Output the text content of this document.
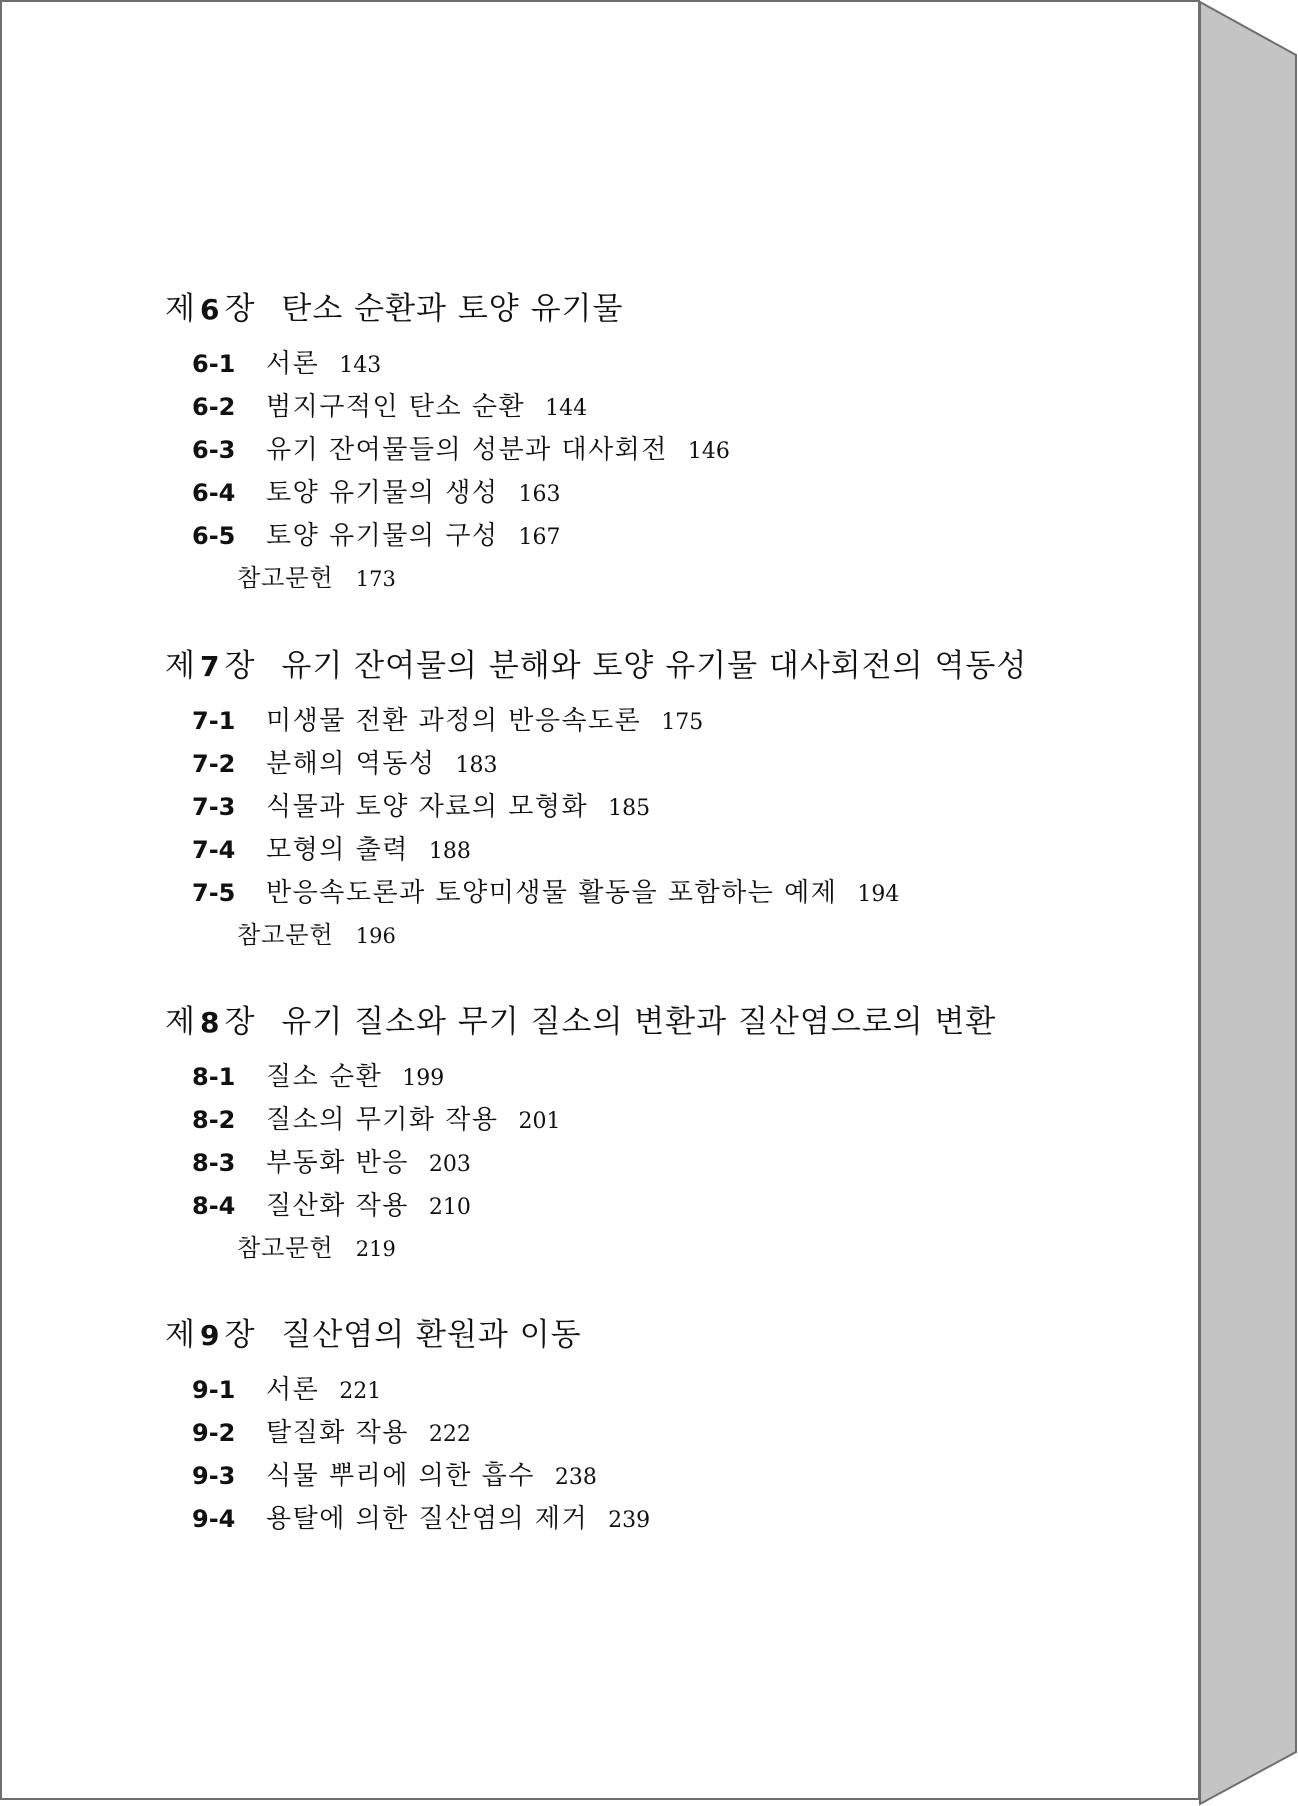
제 6 장 탄소 순환과 토양 유기물
6-1	서론 143
6-2	범지구적인 탄소 순환 144
6-3	유기 잔여물들의 성분과 대사회전 146
6-4	토양 유기물의 생성 163
6-5	토양 유기물의 구성 167
참고문헌 173
제 7 장 유기 잔여물의 분해와 토양 유기물 대사회전의 역동성
7-1	미생물 전환 과정의 반응속도론 175
7-2	분해의 역동성 183
7-3	식물과 토양 자료의 모형화 185
7-4	모형의 출력 188
7-5	반응속도론과 토양미생물 활동을 포함하는 예제 194
참고문헌 196
제 8 장 유기 질소와 무기 질소의 변환과 질산염으로의 변환
8-1	질소 순환 199
8-2	질소의 무기화 작용 201
8-3	부동화 반응 203
8-4	질산화 작용 210
참고문헌 219
제 9 장 질산염의 환원과 이동
9-1	서론 221
9-2	탈질화 작용 222
9-3	식물 뿌리에 의한 흡수 238
9-4	용탈에 의한 질산염의 제거 239
